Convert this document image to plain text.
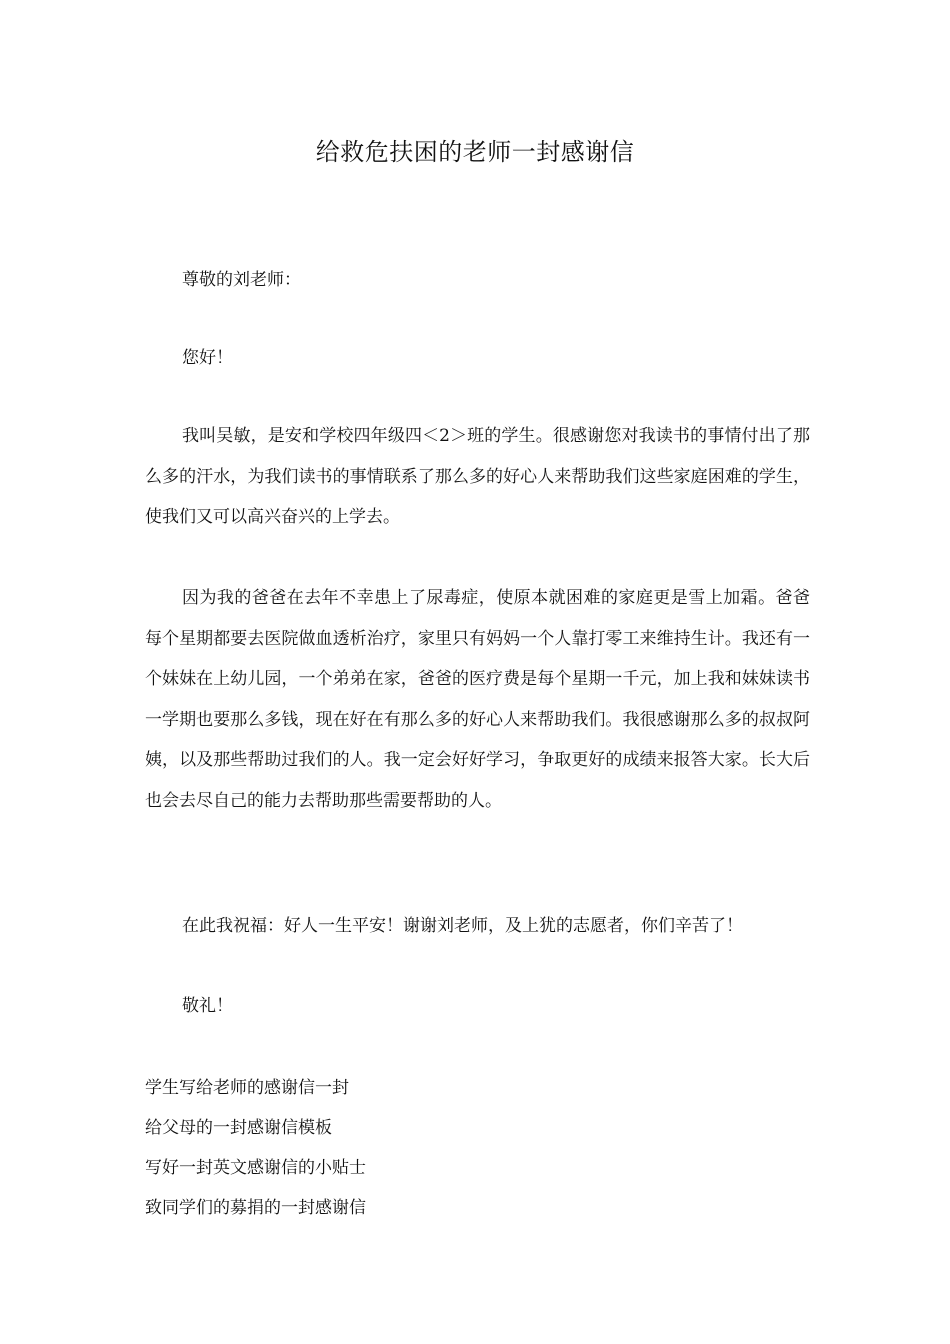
给救危扶困的老师一封感谢信
尊敬的刘老师：
您好！
我叫吴敏，是安和学校四年级四＜2＞班的学生。很感谢您对我读书的事情付出了那么多的汗水，为我们读书的事情联系了那么多的好心人来帮助我们这些家庭困难的学生，使我们又可以高兴奋兴的上学去。
因为我的爸爸在去年不幸患上了尿毒症，使原本就困难的家庭更是雪上加霜。爸爸每个星期都要去医院做血透析治疗，家里只有妈妈一个人靠打零工来维持生计。我还有一个妹妹在上幼儿园，一个弟弟在家，爸爸的医疗费是每个星期一千元，加上我和妹妹读书一学期也要那么多钱，现在好在有那么多的好心人来帮助我们。我很感谢那么多的叔叔阿姨，以及那些帮助过我们的人。我一定会好好学习，争取更好的成绩来报答大家。长大后也会去尽自己的能力去帮助那些需要帮助的人。
在此我祝福：好人一生平安！谢谢刘老师，及上犹的志愿者，你们辛苦了！
敬礼！
学生写给老师的感谢信一封
给父母的一封感谢信模板
写好一封英文感谢信的小贴士
致同学们的募捐的一封感谢信
